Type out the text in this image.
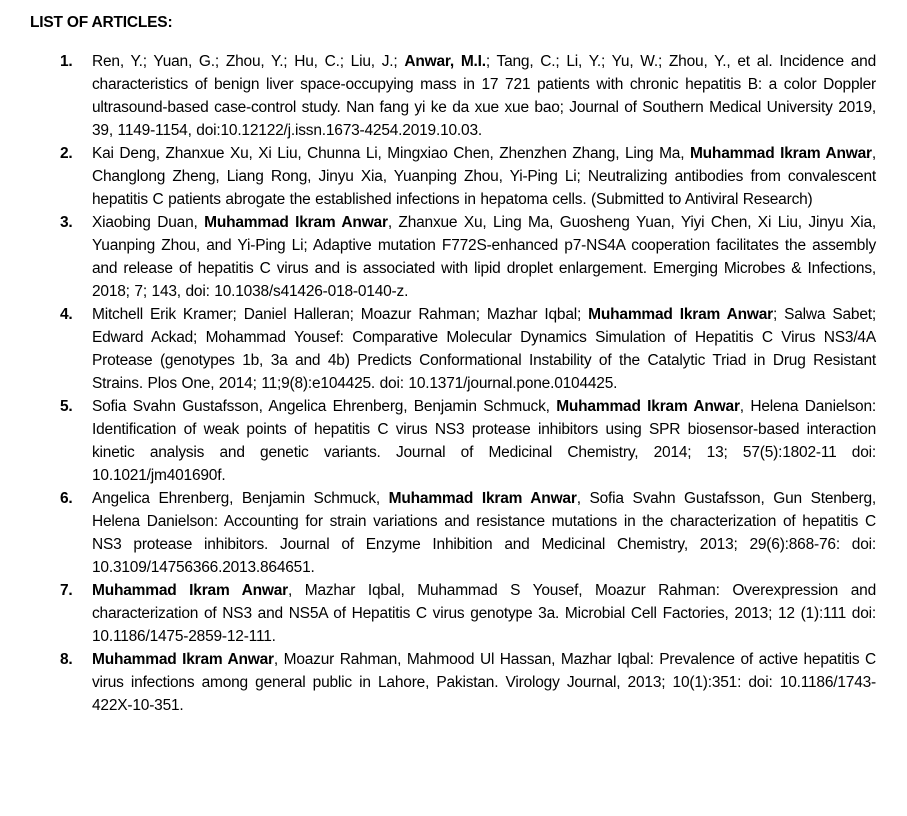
LIST OF ARTICLES:
1.	Ren, Y.; Yuan, G.; Zhou, Y.; Hu, C.; Liu, J.; Anwar, M.I.; Tang, C.; Li, Y.; Yu, W.; Zhou, Y., et al. Incidence and characteristics of benign liver space-occupying mass in 17 721 patients with chronic hepatitis B: a color Doppler ultrasound-based case-control study. Nan fang yi ke da xue xue bao; Journal of Southern Medical University 2019, 39, 1149-1154, doi:10.12122/j.issn.1673-4254.2019.10.03.
2.	Kai Deng, Zhanxue Xu, Xi Liu, Chunna Li, Mingxiao Chen, Zhenzhen Zhang, Ling Ma, Muhammad Ikram Anwar, Changlong Zheng, Liang Rong, Jinyu Xia, Yuanping Zhou, Yi-Ping Li; Neutralizing antibodies from convalescent hepatitis C patients abrogate the established infections in hepatoma cells. (Submitted to Antiviral Research)
3.	Xiaobing Duan, Muhammad Ikram Anwar, Zhanxue Xu, Ling Ma, Guosheng Yuan, Yiyi Chen, Xi Liu, Jinyu Xia, Yuanping Zhou, and Yi-Ping Li; Adaptive mutation F772S-enhanced p7-NS4A cooperation facilitates the assembly and release of hepatitis C virus and is associated with lipid droplet enlargement. Emerging Microbes & Infections, 2018; 7; 143, doi: 10.1038/s41426-018-0140-z.
4.	Mitchell Erik Kramer; Daniel Halleran; Moazur Rahman; Mazhar Iqbal; Muhammad Ikram Anwar; Salwa Sabet; Edward Ackad; Mohammad Yousef: Comparative Molecular Dynamics Simulation of Hepatitis C Virus NS3/4A Protease (genotypes 1b, 3a and 4b) Predicts Conformational Instability of the Catalytic Triad in Drug Resistant Strains. Plos One, 2014; 11;9(8):e104425. doi: 10.1371/journal.pone.0104425.
5.	Sofia Svahn Gustafsson, Angelica Ehrenberg, Benjamin Schmuck, Muhammad Ikram Anwar, Helena Danielson: Identification of weak points of hepatitis C virus NS3 protease inhibitors using SPR biosensor-based interaction kinetic analysis and genetic variants. Journal of Medicinal Chemistry, 2014; 13; 57(5):1802-11 doi: 10.1021/jm401690f.
6.	Angelica Ehrenberg, Benjamin Schmuck, Muhammad Ikram Anwar, Sofia Svahn Gustafsson, Gun Stenberg, Helena Danielson: Accounting for strain variations and resistance mutations in the characterization of hepatitis C NS3 protease inhibitors. Journal of Enzyme Inhibition and Medicinal Chemistry, 2013; 29(6):868-76: doi: 10.3109/14756366.2013.864651.
7.	Muhammad Ikram Anwar, Mazhar Iqbal, Muhammad S Yousef, Moazur Rahman: Overexpression and characterization of NS3 and NS5A of Hepatitis C virus genotype 3a. Microbial Cell Factories, 2013; 12 (1):111 doi: 10.1186/1475-2859-12-111.
8.	Muhammad Ikram Anwar, Moazur Rahman, Mahmood Ul Hassan, Mazhar Iqbal: Prevalence of active hepatitis C virus infections among general public in Lahore, Pakistan. Virology Journal, 2013; 10(1):351: doi: 10.1186/1743-422X-10-351.
